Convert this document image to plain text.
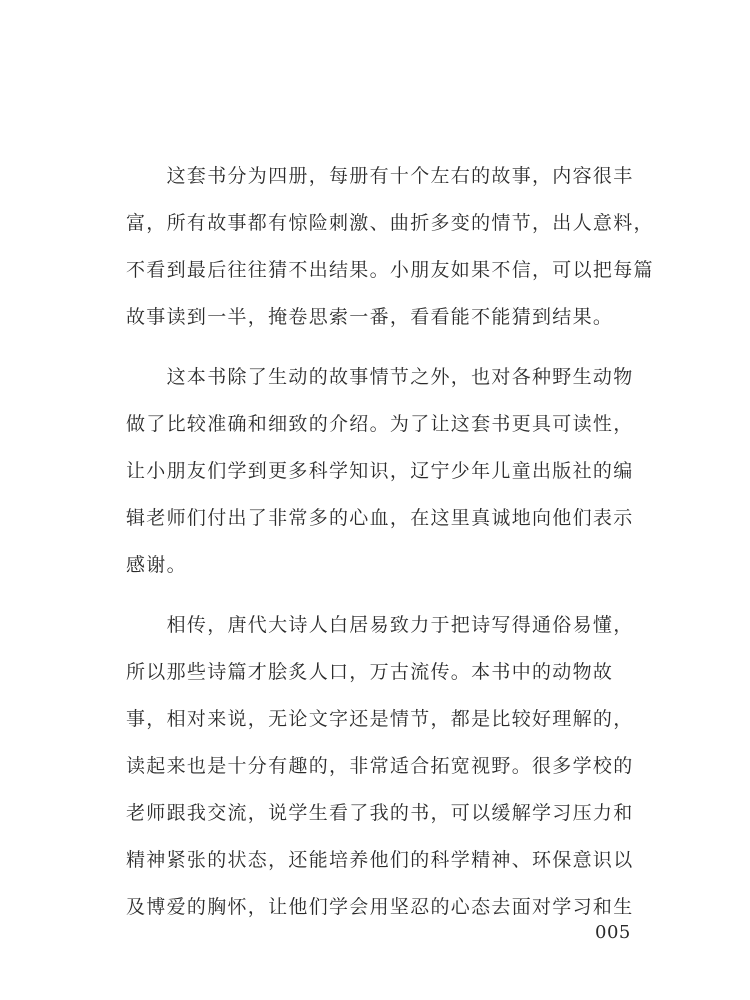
　　这套书分为四册，每册有十个左右的故事，内容很丰
富，所有故事都有惊险刺激、曲折多变的情节，出人意料，
不看到最后往往猜不出结果。小朋友如果不信，可以把每篇
故事读到一半，掩卷思索一番，看看能不能猜到结果。

　　这本书除了生动的故事情节之外，也对各种野生动物
做了比较准确和细致的介绍。为了让这套书更具可读性，
让小朋友们学到更多科学知识，辽宁少年儿童出版社的编
辑老师们付出了非常多的心血，在这里真诚地向他们表示
感谢。

　　相传，唐代大诗人白居易致力于把诗写得通俗易懂，
所以那些诗篇才脍炙人口，万古流传。本书中的动物故
事，相对来说，无论文字还是情节，都是比较好理解的，
读起来也是十分有趣的，非常适合拓宽视野。很多学校的
老师跟我交流，说学生看了我的书，可以缓解学习压力和
精神紧张的状态，还能培养他们的科学精神、环保意识以
及博爱的胸怀，让他们学会用坚忍的心态去面对学习和生

005
